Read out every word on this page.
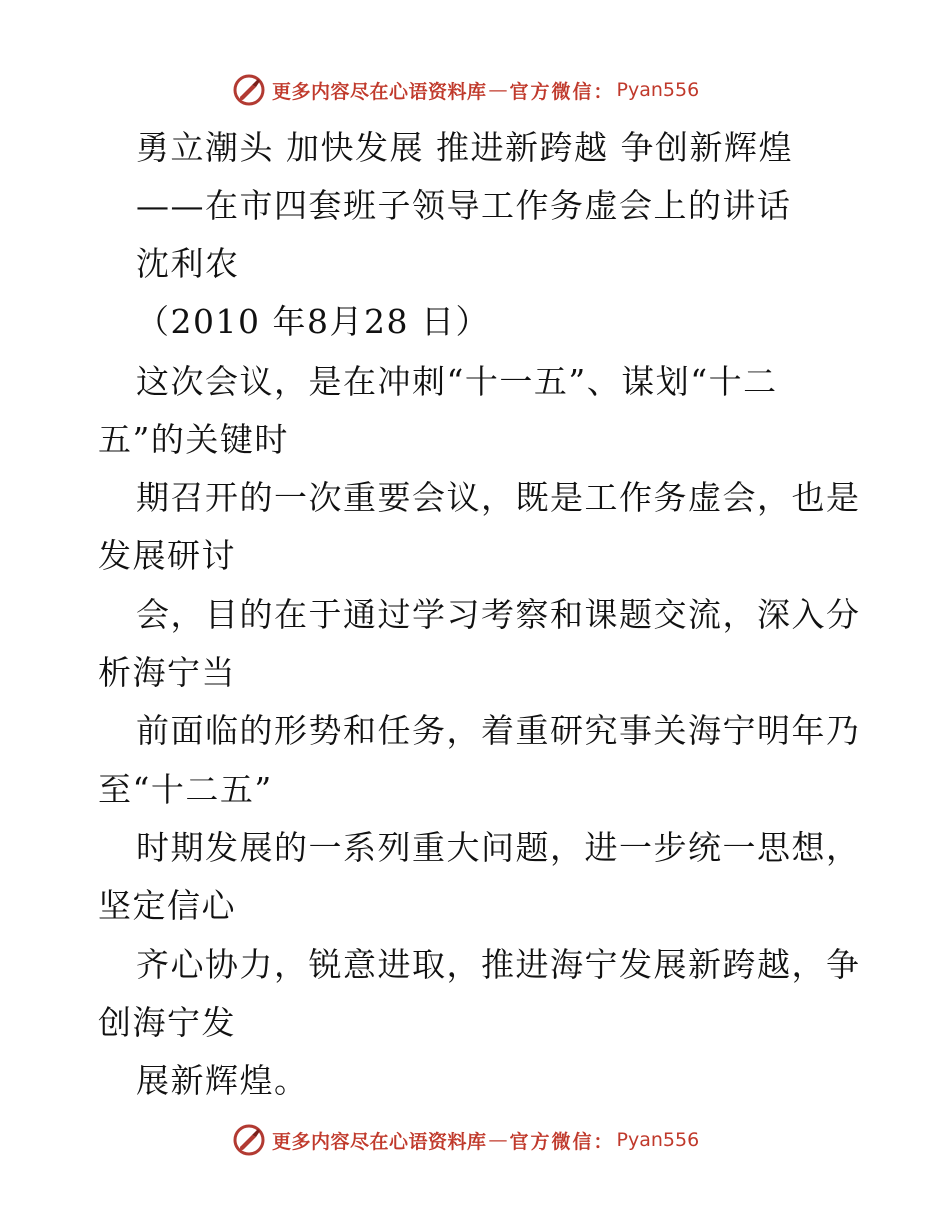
更多内容尽在心语资料库 — 官方微信： Pyan556
勇立潮头 加快发展 推进新跨越 争创新辉煌
——在市四套班子领导工作务虚会上的讲话
沈利农
（2010 年8月28 日）
这次会议，是在冲刺“十一五”、谋划“十二
五”的关键时
期召开的一次重要会议，既是工作务虚会，也是
发展研讨
会，目的在于通过学习考察和课题交流，深入分
析海宁当
前面临的形势和任务，着重研究事关海宁明年乃
至“十二五”
时期发展的一系列重大问题，进一步统一思想，
坚定信心
齐心协力，锐意进取，推进海宁发展新跨越，争
创海宁发
展新辉煌。
更多内容尽在心语资料库 — 官方微信： Pyan556
